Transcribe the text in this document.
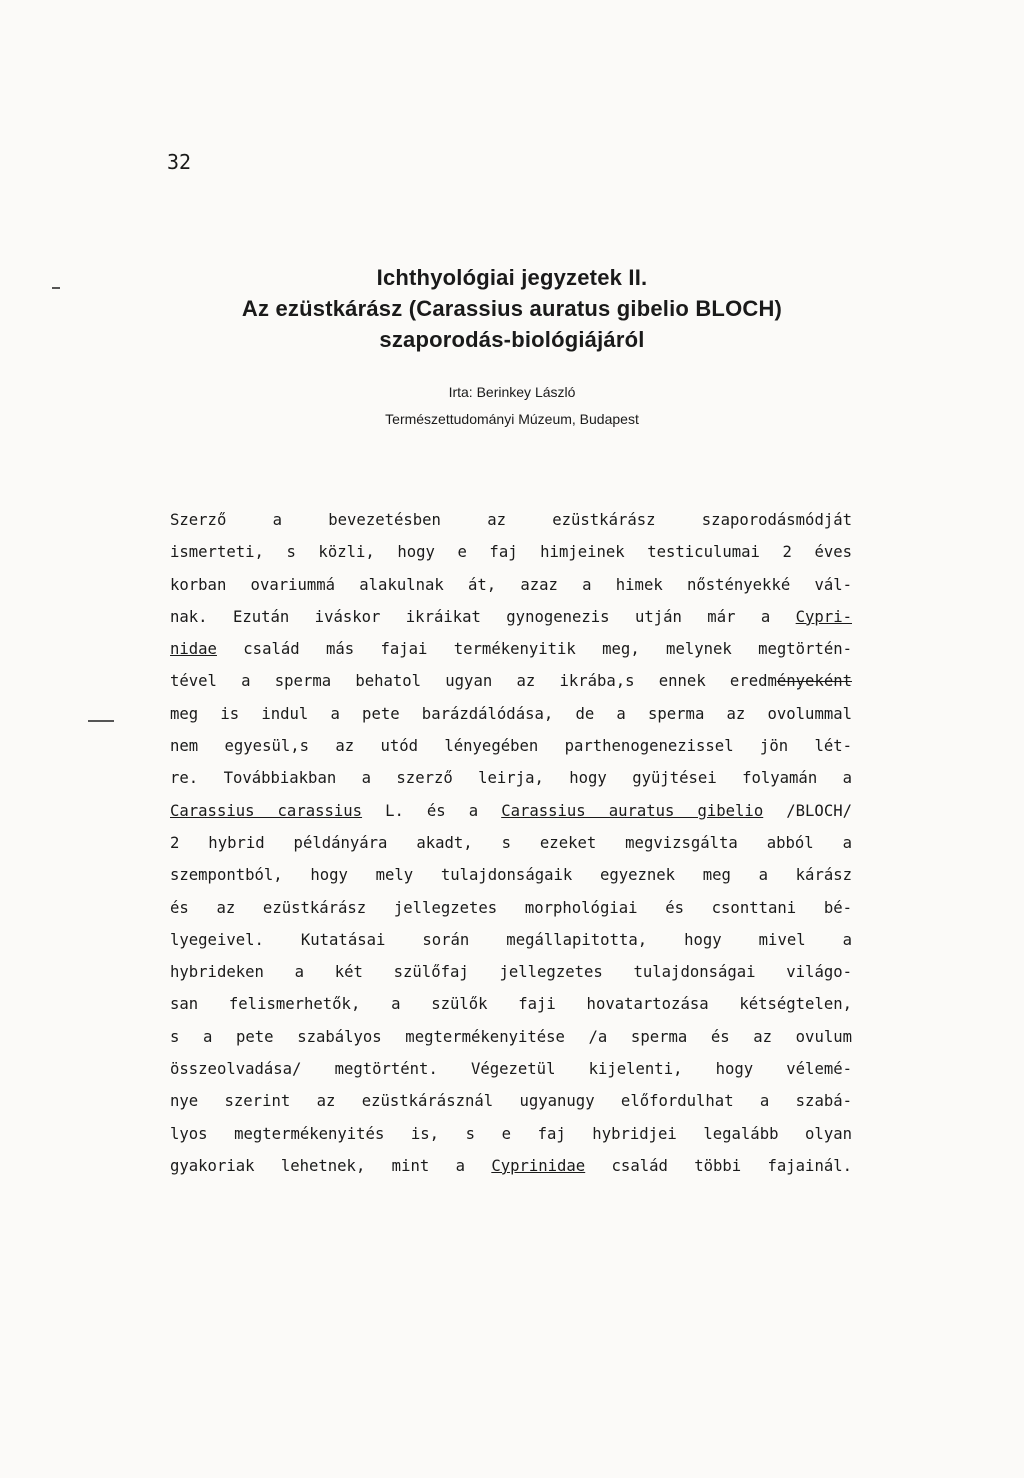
32

Ichthyológiai jegyzetek II.

Az ezüstkárász (Carassius auratus gibelio BLOCH)

szaporodás-biológiájáról

Irta: Berinkey László

Természettudományi Múzeum, Budapest

Szerző a bevezetésben az ezüstkárász szaporodásmódját
ismerteti, s közli, hogy e faj himjeinek testiculumai 2 éves
korban ovariummá alakulnak át, azaz a himek nőstényekké vál-
nak. Ezután iváskor ikráikat gynogenezis utján már a Cypri-
nidae család más fajai termékenyitik meg, melynek megtörtén-
tével a sperma behatol ugyan az ikrába,s ennek eredményeként
meg is indul a pete barázdálódása, de a sperma az ovolummal
nem egyesül,s az utód lényegében parthenogenezissel jön lét-
re. Továbbiakban a szerző leirja, hogy gyüjtései folyamán a
Carassius carassius L. és a Carassius auratus gibelio /BLOCH/
2 hybrid példányára akadt, s ezeket megvizsgálta abból a
szempontból, hogy mely tulajdonságaik egyeznek meg a kárász
és az ezüstkárász jellegzetes morphológiai és csonttani bé-
lyegeivel. Kutatásai során megállapitotta, hogy mivel a
hybrideken a két szülőfaj jellegzetes tulajdonságai világo-
san felismerhetők, a szülők faji hovatartozása kétségtelen,
s a pete szabályos megtermékenyitése /a sperma és az ovulum
összeolvadása/ megtörtént. Végezetül kijelenti, hogy vélemé-
nye szerint az ezüstkárásznál ugyanugy előfordulhat a szabá-
lyos megtermékenyités is, s e faj hybridjei legalább olyan
gyakoriak lehetnek, mint a Cyprinidae család többi fajainál.
